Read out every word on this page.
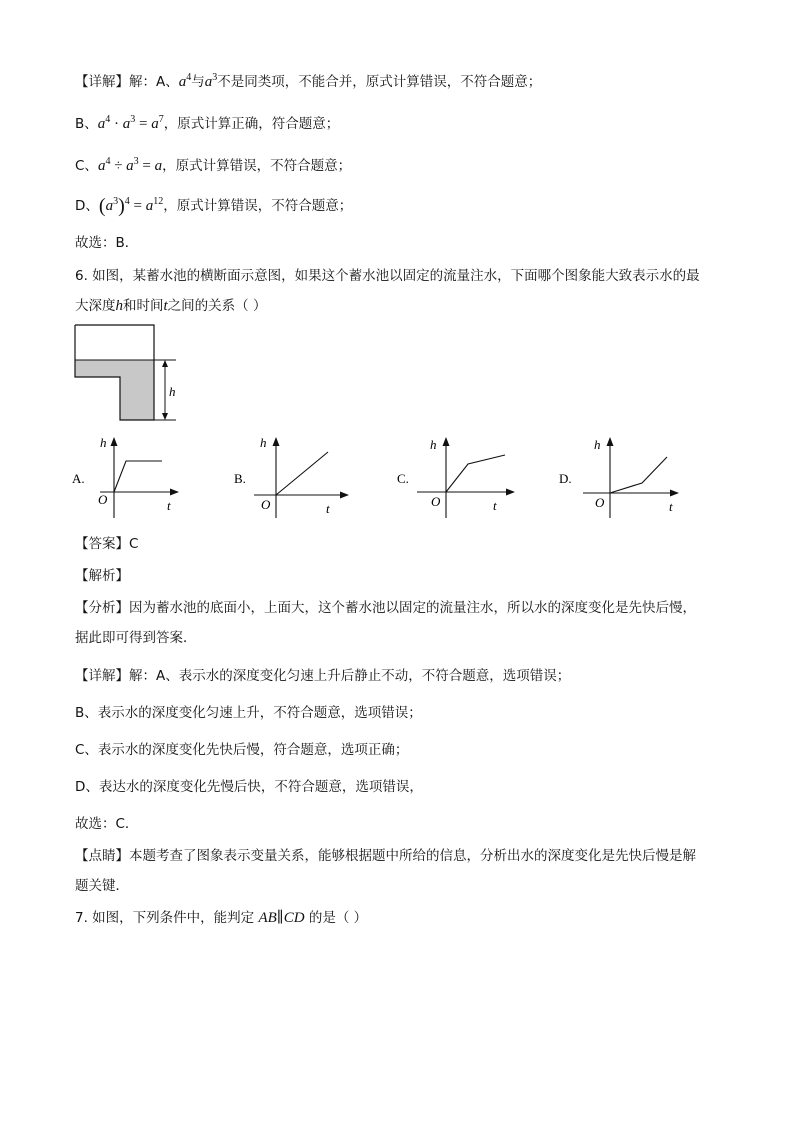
【详解】解：A、$a^4$与$a^3$不是同类项，不能合并，原式计算错误，不符合题意；
B、$a^4 \cdot a^3 = a^7$，原式计算正确，符合题意；
C、$a^4 \div a^3 = a$，原式计算错误，不符合题意；
D、$(a^3)^4 = a^{12}$，原式计算错误，不符合题意；
故选：B．
6. 如图，某蓄水池的横断面示意图，如果这个蓄水池以固定的流量注水，下面哪个图象能大致表示水的最
大深度h和时间t之间的关系（ ）
h
A.
h
t
O
B.
h
t
O
C.
h
t
O
D.
h
t
O
【答案】C
【解析】
【分析】因为蓄水池的底面小，上面大，这个蓄水池以固定的流量注水，所以水的深度变化是先快后慢，
据此即可得到答案．
【详解】解：A、表示水的深度变化匀速上升后静止不动，不符合题意，选项错误；
B、表示水的深度变化匀速上升，不符合题意，选项错误；
C、表示水的深度变化先快后慢，符合题意，选项正确；
D、表达水的深度变化先慢后快，不符合题意，选项错误，
故选：C．
【点睛】本题考查了图象表示变量关系，能够根据题中所给的信息，分析出水的深度变化是先快后慢是解
题关键．
7. 如图，下列条件中，能判定 AB∥CD 的是（ ）
